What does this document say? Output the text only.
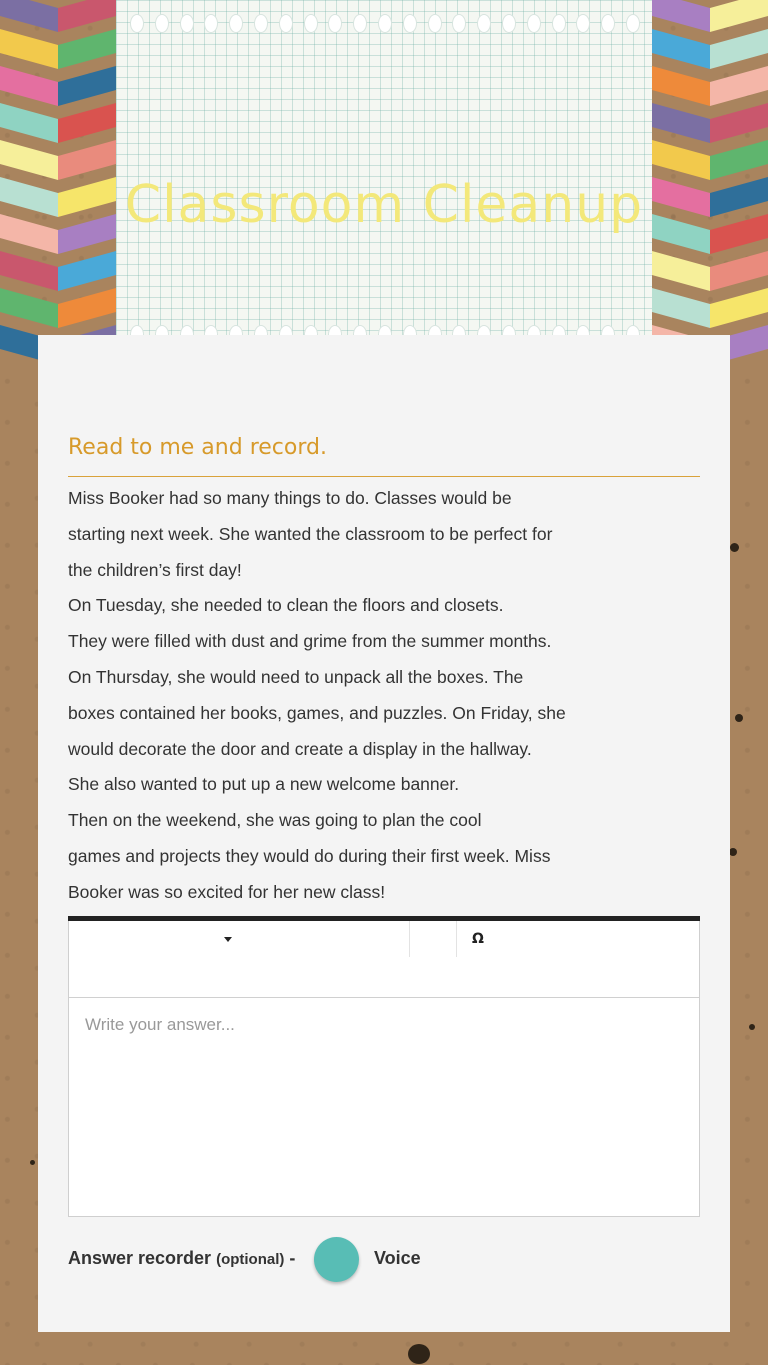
Classroom Cleanup
Read to me and record.

Miss Booker had so many things to do. Classes would be

starting next week. She wanted the classroom to be perfect for

the children’s first day!

On Tuesday, she needed to clean the floors and closets.

They were filled with dust and grime from the summer months.

On Thursday, she would need to unpack all the boxes. The

boxes contained her books, games, and puzzles. On Friday, she

would decorate the door and create a display in the hallway.

She also wanted to put up a new welcome banner.

Then on the weekend, she was going to plan the cool

games and projects they would do during their first week. Miss

Booker was so excited for her new class!

Ω
Write your answer...
Answer recorder (optional) -	Voice
